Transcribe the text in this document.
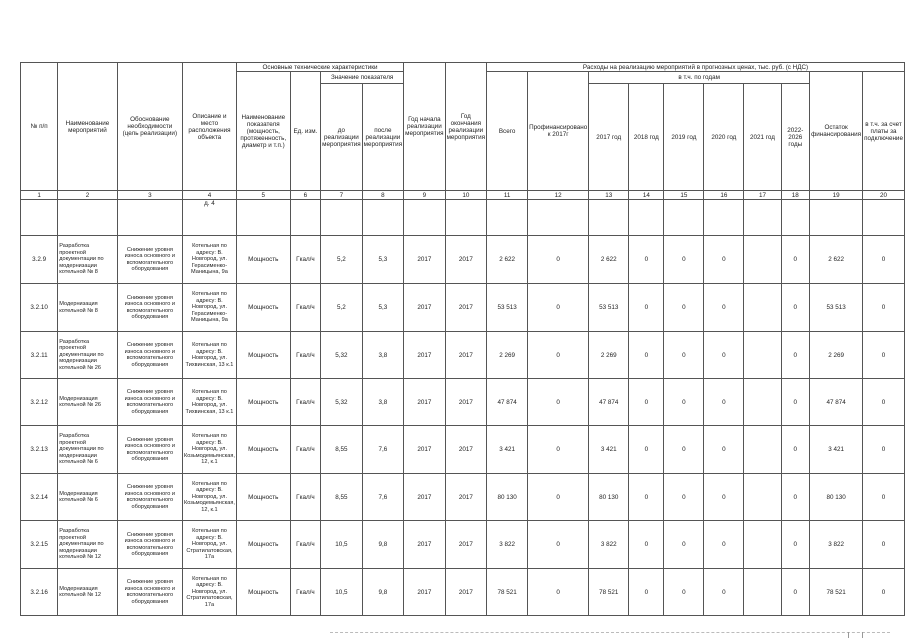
№ п/п	Наименование мероприятий	Обоснование необходимости (цель реализации)	Описание и место расположения объекта	Основные технические характеристики				Год начала реализации мероприятия	Год окончания реализации мероприятия	Расходы на реализацию мероприятий в прогнозных ценах, тыс. руб. (с НДС)									
				Наименование показателя (мощность, протяженность, диаметр и т.п.)	Ед. изм.	Значение показателя				Всего	Профинансировано к 2017г	в т.ч. по годам						Остаток финансирования	в т.ч. за счет платы за подключение
						до реализации мероприятия	после реализации мероприятия					2017 год	2018 год	2019 год	2020 год	2021 год	2022-2026 годы		
1	2	3	4	5	6	7	8	9	10	11	12	13	14	15	16	17	18	19	20
			д. 4																
3.2.9	Разработка проектной документации по модернизации котельной № 8	Снижение уровня износа основного и вспомогательного оборудования	Котельная по адресу: В. Новгород, ул. Герасименко-Маницына, 9а	Мощность	Гкал/ч	5,2	5,3	2017	2017	2 622	0	2 622	0	0	0		0	2 622	0
3.2.10	Модернизация котельной № 8	Снижение уровня износа основного и вспомогательного оборудования	Котельная по адресу: В. Новгород, ул. Герасименко-Маницына, 9а	Мощность	Гкал/ч	5,2	5,3	2017	2017	53 513	0	53 513	0	0	0		0	53 513	0
3.2.11	Разработка проектной документации по модернизации котельной № 26	Снижение уровня износа основного и вспомогательного оборудования	Котельная по адресу: В. Новгород, ул. Тихвинская, 13 к.1	Мощность	Гкал/ч	5,32	3,8	2017	2017	2 269	0	2 269	0	0	0		0	2 269	0
3.2.12	Модернизация котельной № 26	Снижение уровня износа основного и вспомогательного оборудования	Котельная по адресу: В. Новгород, ул. Тихвинская, 13 к.1	Мощность	Гкал/ч	5,32	3,8	2017	2017	47 874	0	47 874	0	0	0		0	47 874	0
3.2.13	Разработка проектной документации по модернизации котельной № 6	Снижение уровня износа основного и вспомогательного оборудования	Котельная по адресу: В. Новгород, ул. Козьмодемьянская, 12, к.1	Мощность	Гкал/ч	8,55	7,6	2017	2017	3 421	0	3 421	0	0	0		0	3 421	0
3.2.14	Модернизация котельной № 6	Снижение уровня износа основного и вспомогательного оборудования	Котельная по адресу: В. Новгород, ул. Козьмодемьянская, 12, к.1	Мощность	Гкал/ч	8,55	7,6	2017	2017	80 130	0	80 130	0	0	0		0	80 130	0
3.2.15	Разработка проектной документации по модернизации котельной № 12	Снижение уровня износа основного и вспомогательного оборудования	Котельная по адресу: В. Новгород, ул. Стратилатовская, 17а	Мощность	Гкал/ч	10,5	9,8	2017	2017	3 822	0	3 822	0	0	0		0	3 822	0
3.2.16	Модернизация котельной № 12	Снижение уровня износа основного и вспомогательного оборудования	Котельная по адресу: В. Новгород, ул. Стратилатовская, 17а	Мощность	Гкал/ч	10,5	9,8	2017	2017	78 521	0	78 521	0	0	0		0	78 521	0
